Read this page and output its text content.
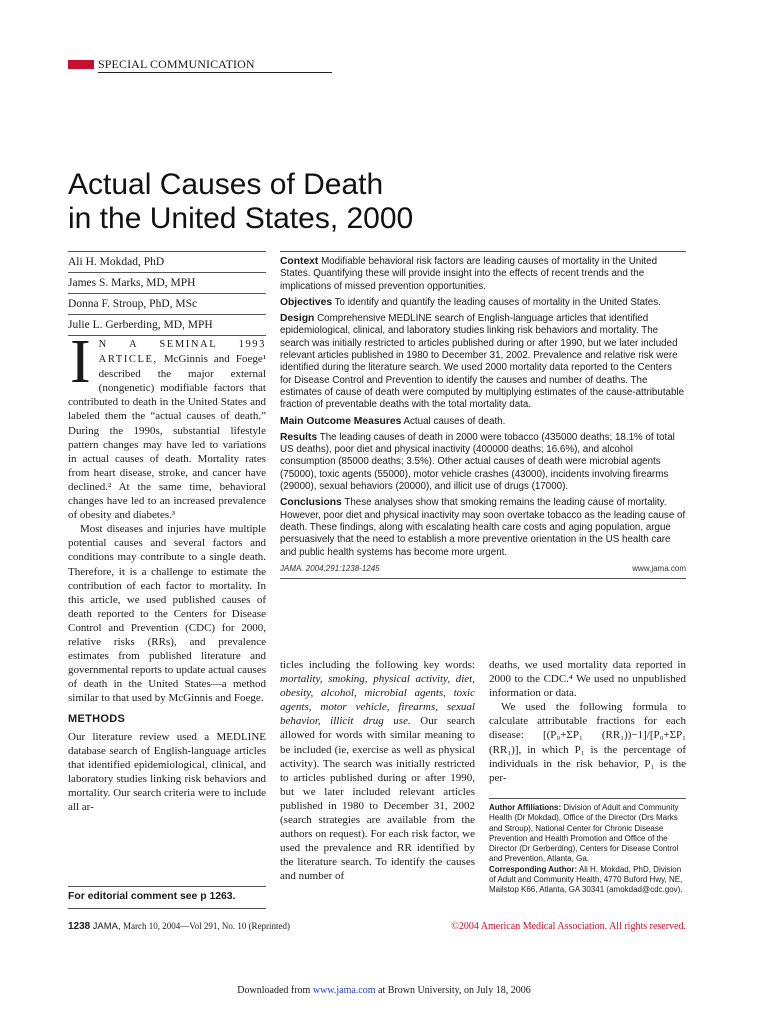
SPECIAL COMMUNICATION
Actual Causes of Death
in the United States, 2000
Ali H. Mokdad, PhD
James S. Marks, MD, MPH
Donna F. Stroup, PhD, MSc
Julie L. Gerberding, MD, MPH
Context Modifiable behavioral risk factors are leading causes of mortality in the United States. Quantifying these will provide insight into the effects of recent trends and the implications of missed prevention opportunities.
Objectives To identify and quantify the leading causes of mortality in the United States.
Design Comprehensive MEDLINE search of English-language articles that identified epidemiological, clinical, and laboratory studies linking risk behaviors and mortality. The search was initially restricted to articles published during or after 1990, but we later included relevant articles published in 1980 to December 31, 2002. Prevalence and relative risk were identified during the literature search. We used 2000 mortality data reported to the Centers for Disease Control and Prevention to identify the causes and number of deaths. The estimates of cause of death were computed by multiplying estimates of the cause-attributable fraction of preventable deaths with the total mortality data.
Main Outcome Measures Actual causes of death.
Results The leading causes of death in 2000 were tobacco (435000 deaths; 18.1% of total US deaths), poor diet and physical inactivity (400000 deaths; 16.6%), and alcohol consumption (85000 deaths; 3.5%). Other actual causes of death were microbial agents (75000), toxic agents (55000), motor vehicle crashes (43000), incidents involving firearms (29000), sexual behaviors (20000), and illicit use of drugs (17000).
Conclusions These analyses show that smoking remains the leading cause of mortality. However, poor diet and physical inactivity may soon overtake tobacco as the leading cause of death. These findings, along with escalating health care costs and aging population, argue persuasively that the need to establish a more preventive orientation in the US health care and public health systems has become more urgent.
JAMA. 2004;291:1238-1245	www.jama.com

I N A SEMINAL 1993 ARTICLE, McGinnis and Foege¹ described the major external (nongenetic) modifiable factors that contributed to death in the United States and labeled them the “actual causes of death.” During the 1990s, substantial lifestyle pattern changes may have led to variations in actual causes of death. Mortality rates from heart disease, stroke, and cancer have declined.² At the same time, behavioral changes have led to an increased prevalence of obesity and diabetes.³

Most diseases and injuries have multiple potential causes and several factors and conditions may contribute to a single death. Therefore, it is a challenge to estimate the contribution of each factor to mortality. In this article, we used published causes of death reported to the Centers for Disease Control and Prevention (CDC) for 2000, relative risks (RRs), and prevalence estimates from published literature and governmental reports to update actual causes of death in the United States—a method similar to that used by McGinnis and Foege.

METHODS

Our literature review used a MEDLINE database search of English-language articles that identified epidemiological, clinical, and laboratory studies linking risk behaviors and mortality. Our search criteria were to include all ar-

For editorial comment see p 1263.

ticles including the following key words: mortality, smoking, physical activity, diet, obesity, alcohol, microbial agents, toxic agents, motor vehicle, firearms, sexual behavior, illicit drug use. Our search allowed for words with similar meaning to be included (ie, exercise as well as physical activity). The search was initially restricted to articles published during or after 1990, but we later included relevant articles published in 1980 to December 31, 2002 (search strategies are available from the authors on request). For each risk factor, we used the prevalence and RR identified by the literature search. To identify the causes and number of

deaths, we used mortality data reported in 2000 to the CDC.⁴ We used no unpublished information or data.

We used the following formula to calculate attributable fractions for each disease: [(P₀+ΣP₁ (RR₁))−1]/[P₀+ΣP₁ (RR₁)], in which P₁ is the percentage of individuals in the risk behavior, P₁ is the per-

Author Affiliations: Division of Adult and Community Health (Dr Mokdad), Office of the Director (Drs Marks and Stroup), National Center for Chronic Disease Prevention and Health Promotion and Office of the Director (Dr Gerberding), Centers for Disease Control and Prevention, Atlanta, Ga.
Corresponding Author: Ali H. Mokdad, PhD, Division of Adult and Community Health, 4770 Buford Hwy, NE, Mailstop K66, Atlanta, GA 30341 (amokdad@cdc.gov).
1238 JAMA, March 10, 2004—Vol 291, No. 10 (Reprinted)	©2004 American Medical Association. All rights reserved.
Downloaded from www.jama.com at Brown University, on July 18, 2006
